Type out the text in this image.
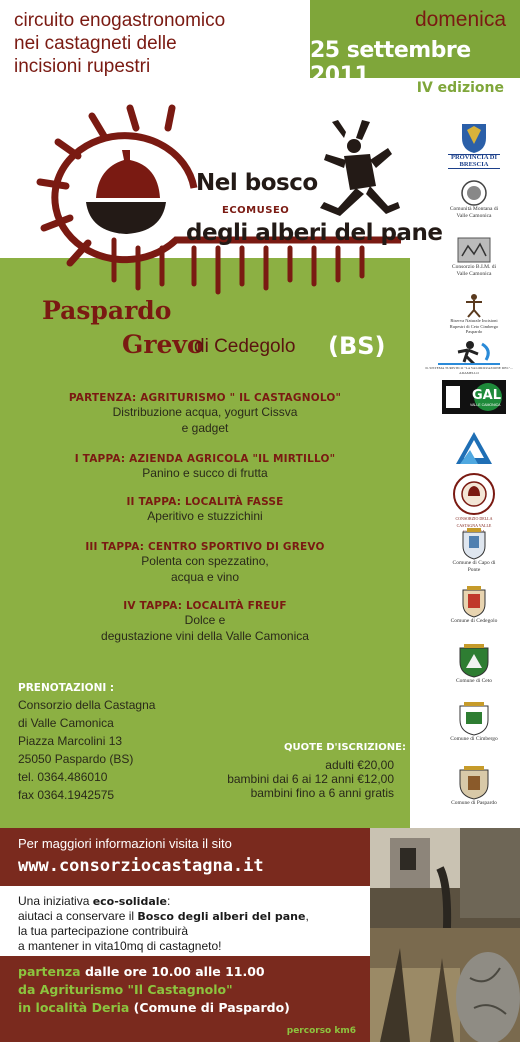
circuito enogastronomico
nei castagneti delle
incisioni rupestri
domenica
25 settembre 2011	IV edizione
Nel bosco
ECOMUSEO
degli alberi del pane
Paspardo
Grevo
di Cedegolo (BS)
PARTENZA: AGRITURISMO " IL CASTAGNOLO"
Distribuzione acqua, yogurt Cissva
e gadget
I TAPPA: AZIENDA AGRICOLA "IL MIRTILLO"
Panino e succo di frutta
II TAPPA: LOCALITÀ FASSE
Aperitivo e stuzzichini
III TAPPA: CENTRO SPORTIVO DI GREVO
Polenta con spezzatino,
acqua e vino
IV TAPPA: LOCALITÀ FREUF
Dolce e
degustazione vini della Valle Camonica
PRENOTAZIONI :
Consorzio della Castagna
di Valle Camonica
Piazza Marcolini 13
25050 Paspardo (BS)
tel. 0364.486010
fax 0364.1942575
QUOTE D'ISCRIZIONE:
adulti €20,00
bambini dai 6 ai 12 anni €12,00
bambini fino a 6 anni gratis
PROVINCIA DI BRESCIA
Comunità Montana di Valle Camonica
Consorzio B.I.M. di Valle Camonica
Riserva Naturale Incisioni Rupestri di Ceto Cimbergo Paspardo
IL SISTEMA TURISTICO "LA VALORIZZAZIONE DEL"... ADAMELLO
GAL
VALLE CAMONICA
CONSORZIO DELLA CASTAGNA VALLE
Comune di Capo di Ponte
Comune di Cedegolo
Comune di Ceto
Comune di Cimbergo
Comune di Paspardo
Per maggiori informazioni visita il sito
www.consorziocastagna.it
Una iniziativa eco-solidale:
aiutaci a conservare il Bosco degli alberi del pane,
la tua partecipazione contribuirà
a mantener in vita10mq di castagneto!
partenza dalle ore 10.00 alle 11.00
da Agriturismo "Il Castagnolo"
in località Deria (Comune di Paspardo)
percorso km6
